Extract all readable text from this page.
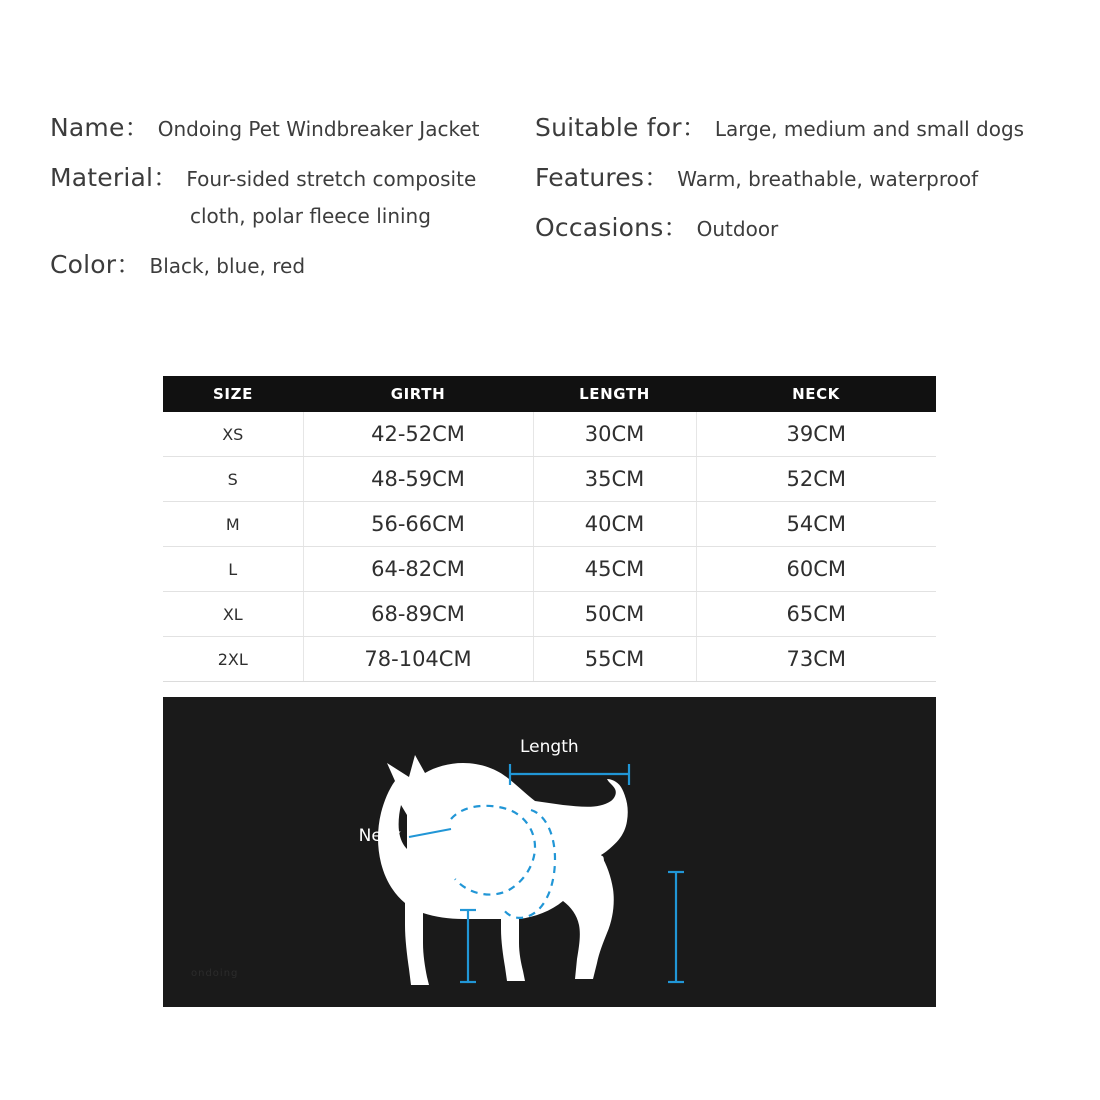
Name： Ondoing Pet Windbreaker Jacket
Material： Four-sided stretch composite
cloth, polar fleece lining
Color： Black, blue, red
Suitable for： Large, medium and small dogs
Features： Warm, breathable, waterproof
Occasions： Outdoor
SIZE	GIRTH	LENGTH	NECK
XS	42-52CM	30CM	39CM
S	48-59CM	35CM	52CM
M	56-66CM	40CM	54CM
L	64-82CM	45CM	60CM
XL	68-89CM	50CM	65CM
2XL	78-104CM	55CM	73CM
Length
Neck
Girth
ondoing
